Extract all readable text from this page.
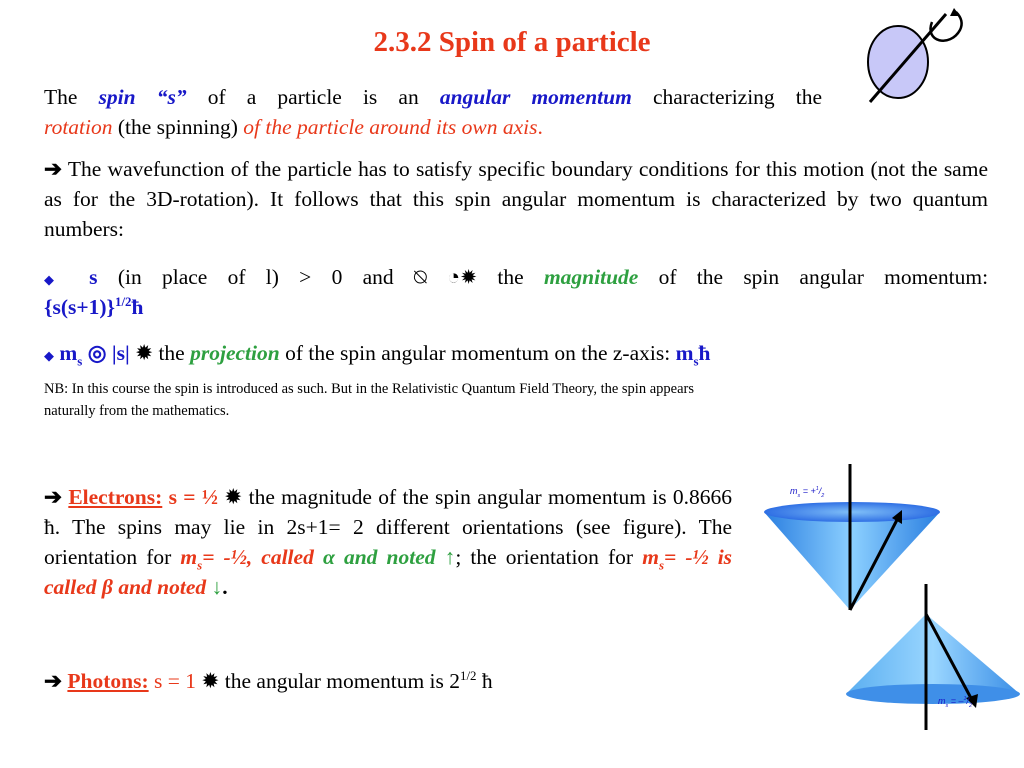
2.3.2 Spin of a particle
The spin “s” of a particle is an angular momentum characterizing the
rotation (the spinning) of the particle around its own axis.
➔ The wavefunction of the particle has to satisfy specific boundary conditions for this motion (not the same as for the 3D-rotation). It follows that this spin angular momentum is characterized by two quantum numbers:
◆ s (in place of l) > 0 and ⍉ ◔✹ the magnitude of the spin angular momentum:
$\{s(s+1)\}^{1/2}ħ$
◆ $m_s$ ◎ |s| ✹ the projection of the spin angular momentum on the z-axis: $m_sħ$
NB: In this course the spin is introduced as such. But in the Relativistic Quantum Field Theory, the spin appears naturally from the mathematics.
➔ Electrons: s = ½ ✹ the magnitude of the spin angular momentum is 0.8666 ħ. The spins may lie in 2s+1= 2 different orientations (see figure). The orientation for $m_s=$ -½, called α and noted ↑; the orientation for $m_s=$ -½ is called β and noted ↓.
➔ Photons: s = 1 ✹ the angular momentum is $2^{1/2}$ ħ
$m_s = +^1/_2$
$m_s = -^1/_2$
